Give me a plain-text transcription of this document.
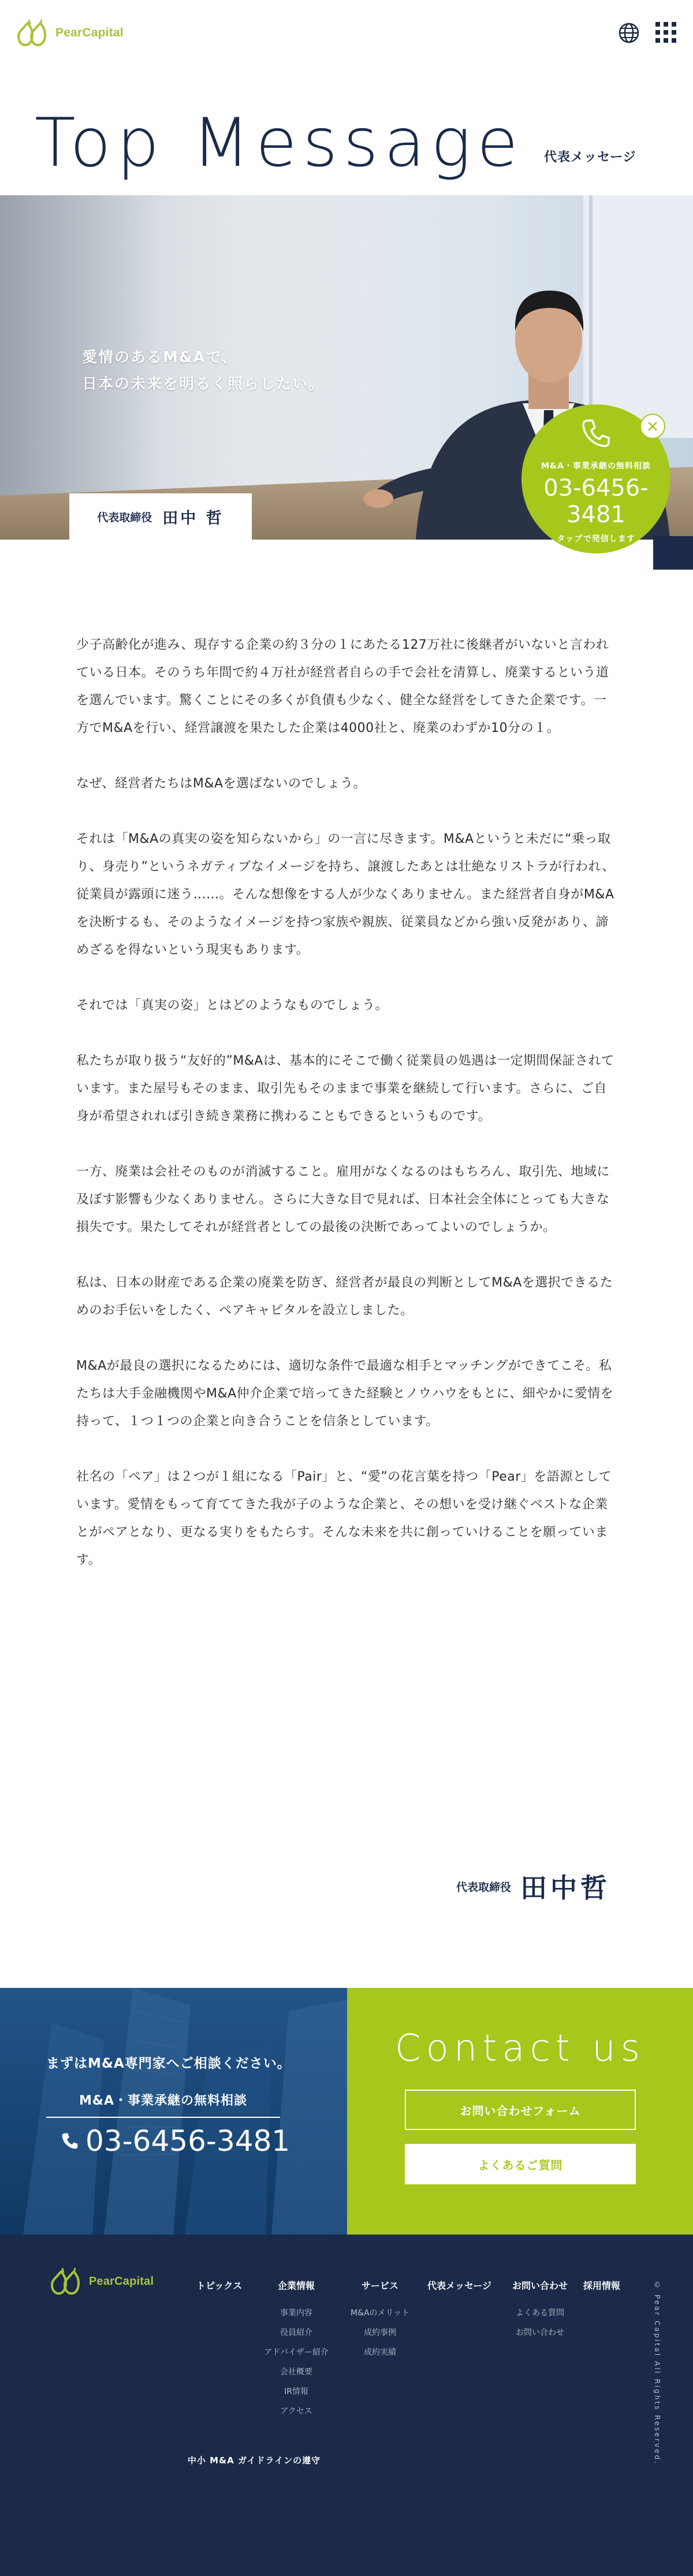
PearCapital
Top Message 代表メッセージ
愛情のあるM&Aで、
日本の未来を明るく照らしたい。
代表取締役 田中 哲
M&A・事業承継の無料相談
03-6456-
3481
タップで発信します

少子高齢化が進み、現存する企業の約３分の１にあたる127万社に後継者がいないと言われている日本。そのうち年間で約４万社が経営者自らの手で会社を清算し、廃業するという道を選んでいます。驚くことにその多くが負債も少なく、健全な経営をしてきた企業です。一方でM&Aを行い、経営譲渡を果たした企業は4000社と、廃業のわずか10分の１。

なぜ、経営者たちはM&Aを選ばないのでしょう。

それは「M&Aの真実の姿を知らないから」の一言に尽きます。M&Aというと未だに“乗っ取り、身売り”というネガティブなイメージを持ち、譲渡したあとは壮絶なリストラが行われ、従業員が露頭に迷う……。そんな想像をする人が少なくありません。また経営者自身がM&Aを決断するも、そのようなイメージを持つ家族や親族、従業員などから強い反発があり、諦めざるを得ないという現実もあります。

それでは「真実の姿」とはどのようなものでしょう。

私たちが取り扱う“友好的”M&Aは、基本的にそこで働く従業員の処遇は一定期間保証されています。また屋号もそのまま、取引先もそのままで事業を継続して行います。さらに、ご自身が希望されれば引き続き業務に携わることもできるというものです。

一方、廃業は会社そのものが消滅すること。雇用がなくなるのはもちろん、取引先、地域に及ぼす影響も少なくありません。さらに大きな目で見れば、日本社会全体にとっても大きな損失です。果たしてそれが経営者としての最後の決断であってよいのでしょうか。

私は、日本の財産である企業の廃業を防ぎ、経営者が最良の判断としてM&Aを選択できるためのお手伝いをしたく、ペアキャピタルを設立しました。

M&Aが最良の選択になるためには、適切な条件で最適な相手とマッチングができてこそ。私たちは大手金融機関やM&A仲介企業で培ってきた経験とノウハウをもとに、細やかに愛情を持って、１つ１つの企業と向き合うことを信条としています。

社名の「ペア」は２つが１組になる「Pair」と、“愛”の花言葉を持つ「Pear」を語源としています。愛情をもって育ててきた我が子のような企業と、その想いを受け継ぐベストな企業とがペアとなり、更なる実りをもたらす。そんな未来を共に創っていけることを願っています。

代表取締役 田中哲
まずはM&A専門家へご相談ください。
M&A・事業承継の無料相談
03-6456-3481
Contact us
お問い合わせフォーム
よくあるご質問
PearCapital	トピックス	企業情報
事業内容
役員紹介
アドバイザー紹介
会社概要
IR情報
アクセス
サービス
M&Aのメリット
成約事例
成約実績
代表メッセージ	お問い合わせ
よくある質問
お問い合わせ
採用情報
中小 M&A ガイドラインの遵守	© Pear Capital All Rights Reserved.
